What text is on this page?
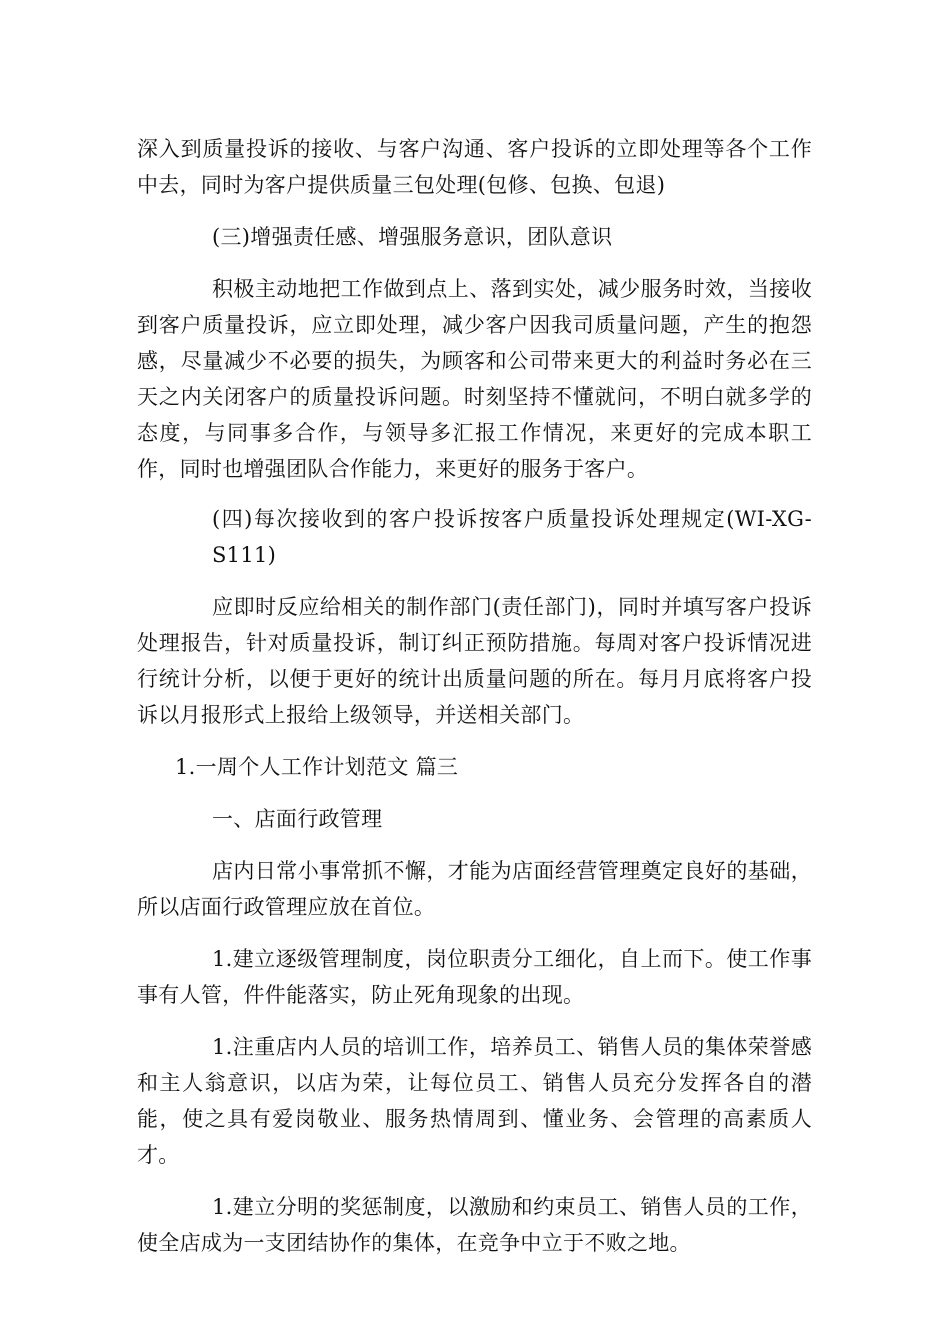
深入到质量投诉的接收、与客户沟通、客户投诉的立即处理等各个工作中去，同时为客户提供质量三包处理(包修、包换、包退)

(三)增强责任感、增强服务意识，团队意识

积极主动地把工作做到点上、落到实处，减少服务时效，当接收到客户质量投诉，应立即处理，减少客户因我司质量问题，产生的抱怨感，尽量减少不必要的损失，为顾客和公司带来更大的利益时务必在三天之内关闭客户的质量投诉问题。时刻坚持不懂就问，不明白就多学的态度，与同事多合作，与领导多汇报工作情况，来更好的完成本职工作，同时也增强团队合作能力，来更好的服务于客户。

(四)每次接收到的客户投诉按客户质量投诉处理规定(WI-XG-S111)

应即时反应给相关的制作部门(责任部门)，同时并填写客户投诉处理报告，针对质量投诉，制订纠正预防措施。每周对客户投诉情况进行统计分析，以便于更好的统计出质量问题的所在。每月月底将客户投诉以月报形式上报给上级领导，并送相关部门。

1.一周个人工作计划范文 篇三

一、店面行政管理

店内日常小事常抓不懈，才能为店面经营管理奠定良好的基础，所以店面行政管理应放在首位。

1.建立逐级管理制度，岗位职责分工细化，自上而下。使工作事事有人管，件件能落实，防止死角现象的出现。

1.注重店内人员的培训工作，培养员工、销售人员的集体荣誉感和主人翁意识，以店为荣，让每位员工、销售人员充分发挥各自的潜能，使之具有爱岗敬业、服务热情周到、懂业务、会管理的高素质人才。

1.建立分明的奖惩制度，以激励和约束员工、销售人员的工作，使全店成为一支团结协作的集体，在竞争中立于不败之地。
